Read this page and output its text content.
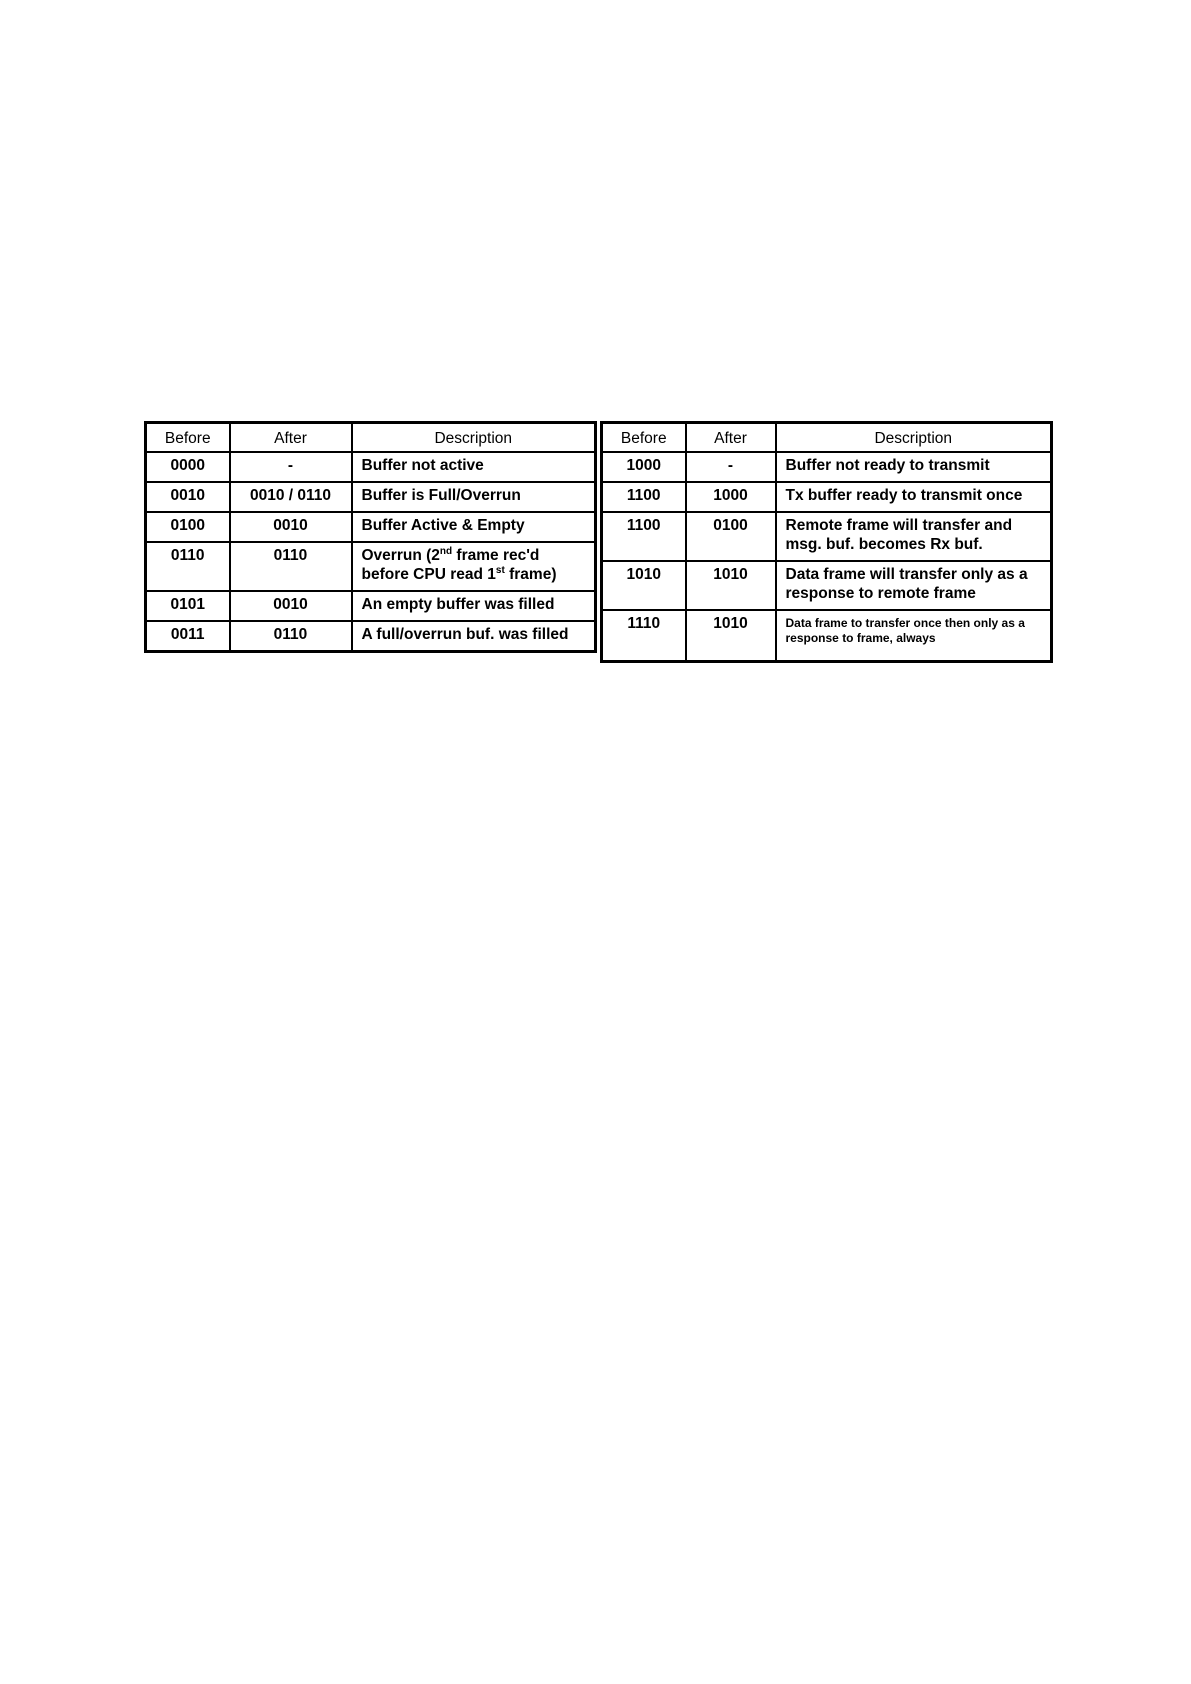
Before	After	Description
0000	-	Buffer not active
0010	0010 / 0110	Buffer is Full/Overrun
0100	0010	Buffer Active & Empty
0110	0110	Overrun (2nd frame rec'd before CPU read 1st frame)
0101	0010	An empty buffer was filled
0011	0110	A full/overrun buf. was filled
Before	After	Description
1000	-	Buffer not ready to transmit
1100	1000	Tx buffer ready to transmit once
1100	0100	Remote frame will transfer and msg. buf. becomes Rx buf.
1010	1010	Data frame will transfer only as a response to remote frame
1110	1010	Data frame to transfer once then only as a response to frame, always
